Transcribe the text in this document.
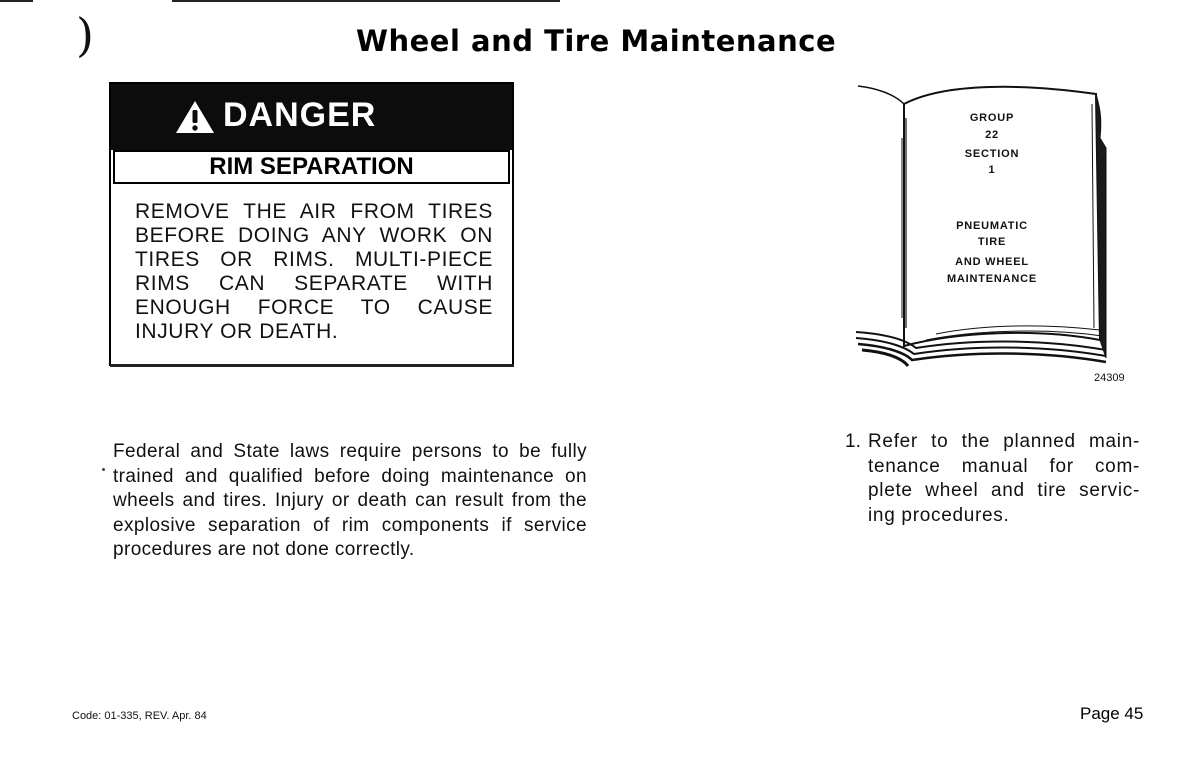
)	Wheel and Tire Maintenance
DANGER
RIM SEPARATION
REMOVE THE AIR FROM TIRES BEFORE DOING ANY WORK ON TIRES OR RIMS. MULTI-PIECE RIMS CAN SEPARATE WITH ENOUGH FORCE TO CAUSE INJURY OR DEATH.
GROUP
22
SECTION
1
PNEUMATIC
TIRE
AND WHEEL
MAINTENANCE
24309

Federal and State laws require persons to be fully trained and qualified before doing maintenance on wheels and tires. Injury or death can result from the explosive separation of rim components if service procedures are not done correctly.

1. Refer to the planned main- tenance manual for com- plete wheel and tire servic- ing procedures.

Code: 01-335, REV. Apr. 84	Page 45
